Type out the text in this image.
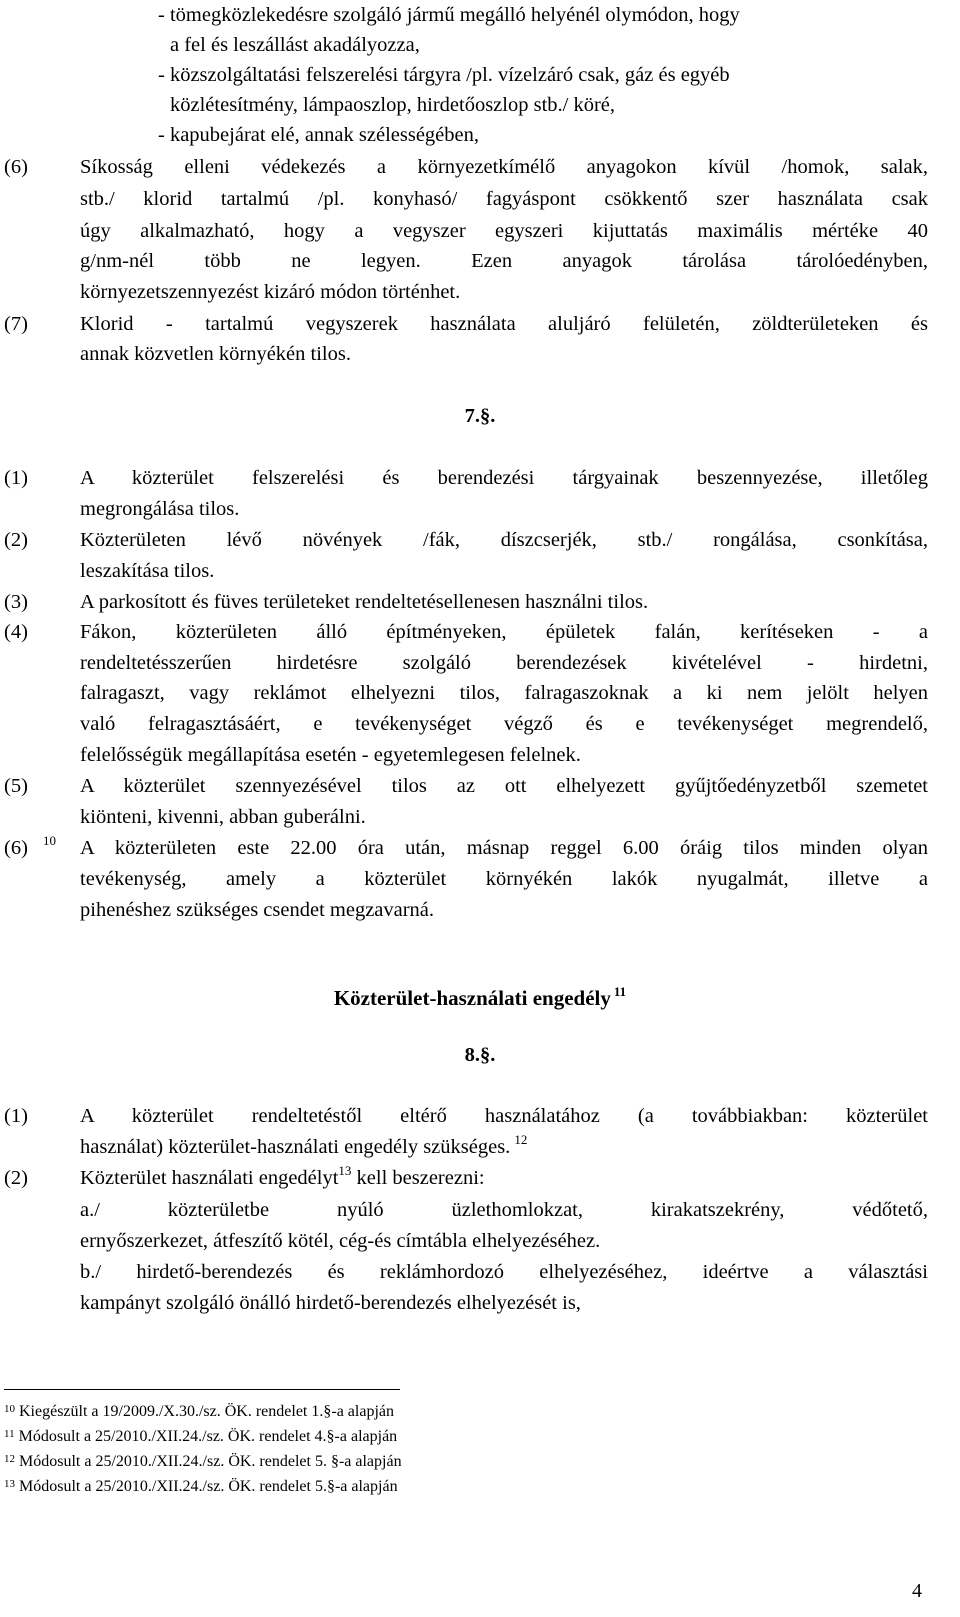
- tömegközlekedésre szolgáló jármű megálló helyénél olymódon, hogy
a fel és leszállást akadályozza,
- közszolgáltatási felszerelési tárgyra /pl. vízelzáró csak, gáz és egyéb
közlétesítmény, lámpaoszlop, hirdetőoszlop stb./ köré,
- kapubejárat elé, annak szélességében,
(6)	Síkosság elleni védekezés a környezetkímélő anyagokon kívül /homok, salak,
stb./ klorid tartalmú /pl. konyhasó/ fagyáspont csökkentő szer használata csak
úgy alkalmazható, hogy a vegyszer egyszeri kijuttatás maximális mértéke 40
g/nm-nél több ne legyen. Ezen anyagok tárolása tárolóedényben,
környezetszennyezést kizáró módon történhet.
(7)	Klorid - tartalmú vegyszerek használata aluljáró felületén, zöldterületeken és
annak közvetlen környékén tilos.
7.§.
(1)	A közterület felszerelési és berendezési tárgyainak beszennyezése, illetőleg
megrongálása tilos.
(2)	Közterületen lévő növények /fák, díszcserjék, stb./ rongálása, csonkítása,
leszakítása tilos.
(3)	A parkosított és füves területeket rendeltetésellenesen használni tilos.
(4)	Fákon, közterületen álló építményeken, épületek falán, kerítéseken - a
rendeltetésszerűen hirdetésre szolgáló berendezések kivételével - hirdetni,
falragaszt, vagy reklámot elhelyezni tilos, falragaszoknak a ki nem jelölt helyen
való felragasztásáért, e tevékenységet végző és e tevékenységet megrendelő,
felelősségük megállapítása esetén - egyetemlegesen felelnek.
(5)	A közterület szennyezésével tilos az ott elhelyezett gyűjtőedényzetből szemetet
kiönteni, kivenni, abban guberálni.
(6) $^{10}$ A közterületen este 22.00 óra után, másnap reggel 6.00 óráig tilos minden olyan
tevékenység, amely a közterület környékén lakók nyugalmát, illetve a
pihenéshez szükséges csendet megzavarná.
Közterület-használati engedély $^{11}$
8.§.
(1)	A közterület rendeltetéstől eltérő használatához (a továbbiakban: közterület
használat) közterület-használati engedély szükséges. $^{12}$
(2)	Közterület használati engedélyt$^{13}$ kell beszerezni:
a./ közterületbe nyúló üzlethomlokzat, kirakatszekrény, védőtető,
ernyőszerkezet, átfeszítő kötél, cég-és címtábla elhelyezéséhez.
b./ hirdető-berendezés és reklámhordozó elhelyezéséhez, ideértve a választási
kampányt szolgáló önálló hirdető-berendezés elhelyezését is,
$^{10}$ Kiegészült a 19/2009./X.30./sz. ÖK. rendelet 1.§-a alapján
$^{11}$ Módosult a 25/2010./XII.24./sz. ÖK. rendelet 4.§-a alapján
$^{12}$ Módosult a 25/2010./XII.24./sz. ÖK. rendelet 5. §-a alapján
$^{13}$ Módosult a 25/2010./XII.24./sz. ÖK. rendelet 5.§-a alapján
4
